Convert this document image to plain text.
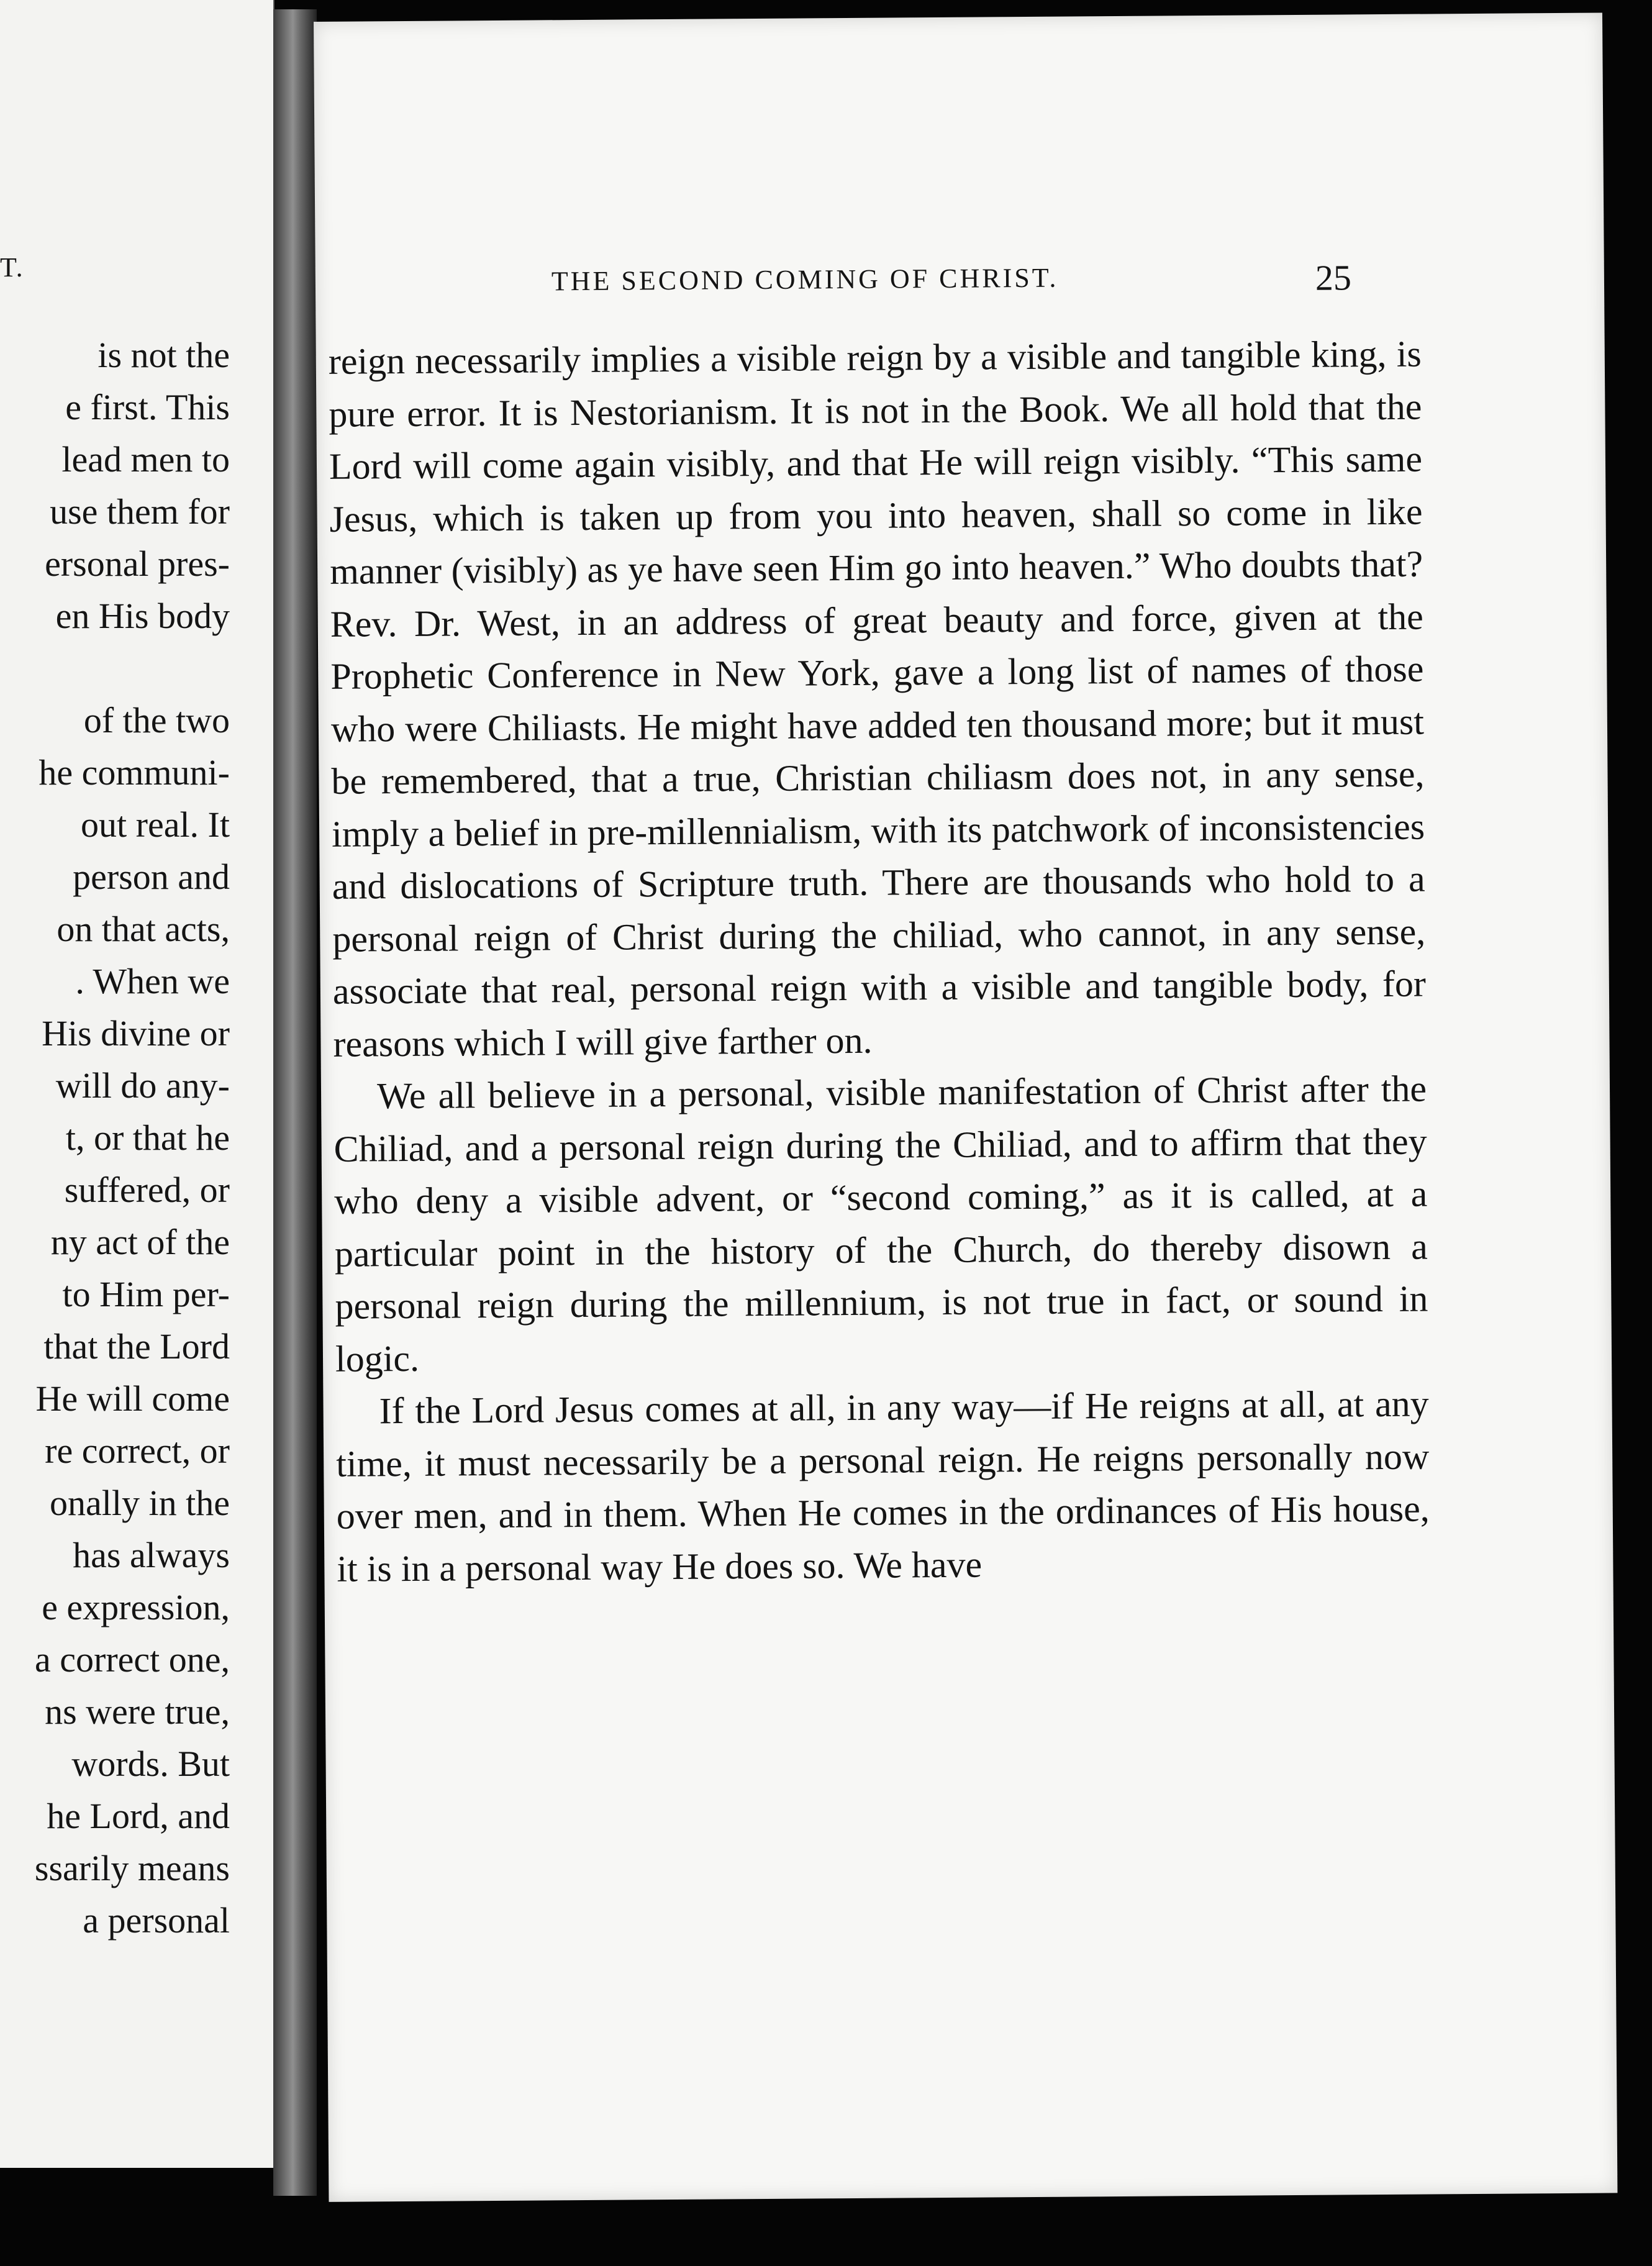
T.
is not the
e first. This
lead men to
use them for
ersonal pres-
en His body
of the two
he communi-
out real. It
person and
on that acts,
. When we
His divine or
will do any-
t, or that he
suffered, or
ny act of the
to Him per-
that the Lord
He will come
re correct, or
onally in the
has always
e expression,
a correct one,
ns were true,
words. But
he Lord, and
ssarily means
a personal
THE SECOND COMING OF CHRIST.	25

reign necessarily implies a visible reign by a visible and tangible king, is pure error. It is Nestorianism. It is not in the Book. We all hold that the Lord will come again visibly, and that He will reign visibly. “This same Jesus, which is taken up from you into heaven, shall so come in like manner (visibly) as ye have seen Him go into heaven.” Who doubts that? Rev. Dr. West, in an address of great beauty and force, given at the Prophetic Conference in New York, gave a long list of names of those who were Chiliasts. He might have added ten thousand more; but it must be remembered, that a true, Christian chiliasm does not, in any sense, imply a belief in pre-millennialism, with its patchwork of inconsistencies and dislocations of Scripture truth. There are thousands who hold to a personal reign of Christ during the chiliad, who cannot, in any sense, associate that real, personal reign with a visible and tangible body, for reasons which I will give farther on.

We all believe in a personal, visible manifestation of Christ after the Chiliad, and a personal reign during the Chiliad, and to affirm that they who deny a visible advent, or “second coming,” as it is called, at a particular point in the history of the Church, do thereby disown a personal reign during the millennium, is not true in fact, or sound in logic.

If the Lord Jesus comes at all, in any way—if He reigns at all, at any time, it must necessarily be a personal reign. He reigns personally now over men, and in them. When He comes in the ordinances of His house, it is in a personal way He does so. We have
